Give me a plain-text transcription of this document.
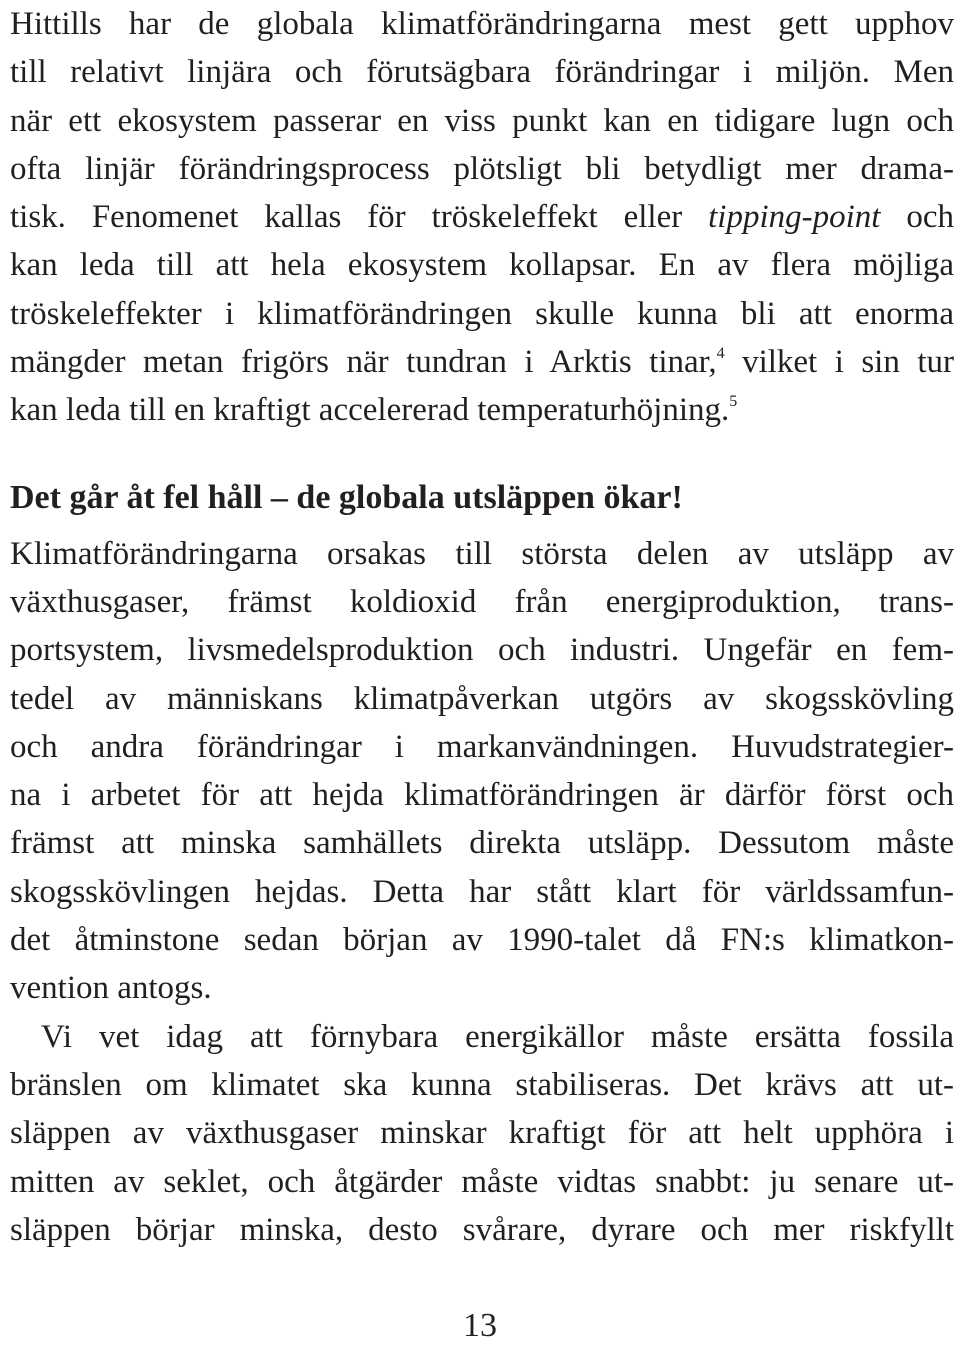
Hittills har de globala klimatförändringarna mest gett upphov
till relativt linjära och förutsägbara förändringar i miljön. Men
när ett ekosystem passerar en viss punkt kan en tidigare lugn och
ofta linjär förändringsprocess plötsligt bli betydligt mer drama-
tisk. Fenomenet kallas för tröskeleffekt eller tipping-point och
kan leda till att hela ekosystem kollapsar. En av flera möjliga
tröskeleffekter i klimatförändringen skulle kunna bli att enorma
mängder metan frigörs när tundran i Arktis tinar,$^4$ vilket i sin tur
kan leda till en kraftigt accelererad temperaturhöjning.$^5$
Det går åt fel håll – de globala utsläppen ökar!
Klimatförändringarna orsakas till största delen av utsläpp av
växthusgaser, främst koldioxid från energiproduktion, trans-
portsystem, livsmedelsproduktion och industri. Ungefär en fem-
tedel av människans klimatpåverkan utgörs av skogsskövling
och andra förändringar i markanvändningen. Huvudstrategier-
na i arbetet för att hejda klimatförändringen är därför först och
främst att minska samhällets direkta utsläpp. Dessutom måste
skogsskövlingen hejdas. Detta har stått klart för världssamfun-
det åtminstone sedan början av 1990-talet då FN:s klimatkon-
vention antogs.
Vi vet idag att förnybara energikällor måste ersätta fossila
bränslen om klimatet ska kunna stabiliseras. Det krävs att ut-
släppen av växthusgaser minskar kraftigt för att helt upphöra i
mitten av seklet, och åtgärder måste vidtas snabbt: ju senare ut-
släppen börjar minska, desto svårare, dyrare och mer riskfyllt
13
